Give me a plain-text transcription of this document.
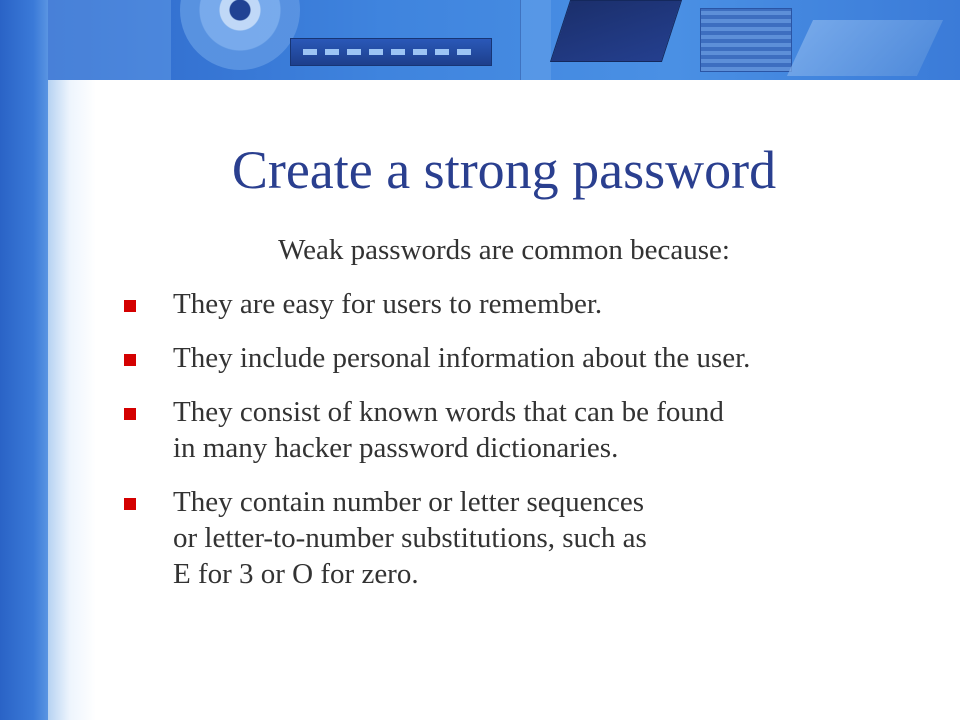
Create a strong password

Weak passwords are common because:

They are easy for users to remember.
They include personal information about the user.
They consist of known words that can be found
in many hacker password dictionaries.
They contain number or letter sequences
or letter-to-number substitutions, such as
E for 3 or O for zero.
